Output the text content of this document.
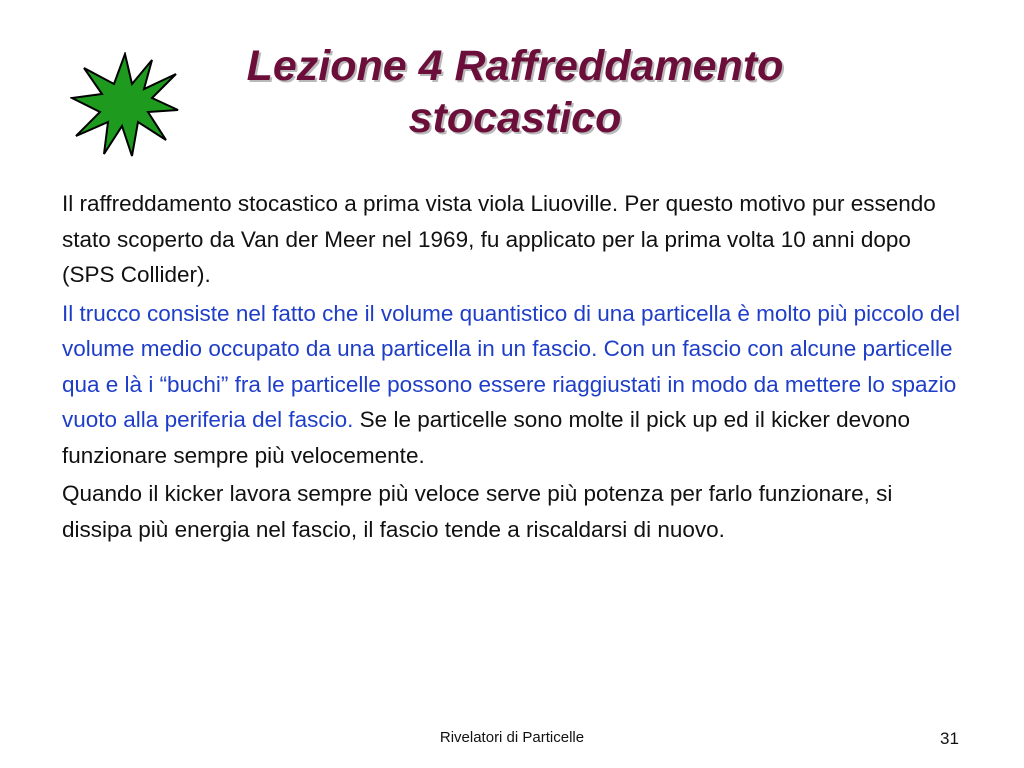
Lezione 4 Raffreddamento
stocastico

Il raffreddamento stocastico a prima vista viola Liuoville. Per questo motivo pur essendo stato scoperto da Van der Meer nel 1969, fu applicato per la prima volta 10 anni dopo (SPS Collider).

Il trucco consiste nel fatto che il volume quantistico di una particella è molto più piccolo del volume medio occupato da una particella in un fascio. Con un fascio con alcune particelle qua e là i “buchi” fra le particelle possono essere riaggiustati in modo da mettere lo spazio vuoto alla periferia del fascio. Se le particelle sono molte il pick up ed il kicker devono funzionare sempre più velocemente.

Quando il kicker lavora sempre più veloce serve più potenza per farlo funzionare, si dissipa più energia nel fascio, il fascio tende a riscaldarsi di nuovo.

Rivelatori di Particelle	31
